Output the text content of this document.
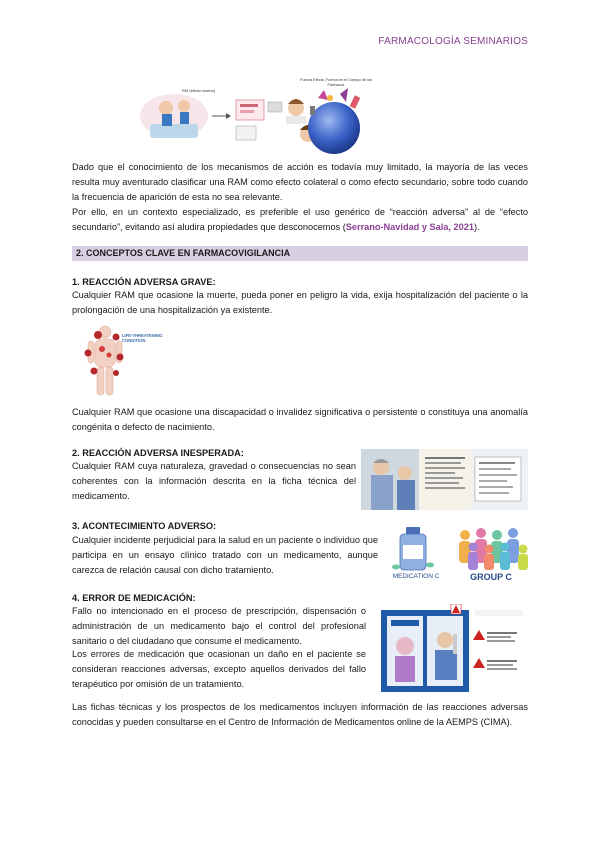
FARMACOLOGÍA SEMINARIOS
RM (efecto bueno)
Fuerza Efecto, Fuerza en el Cuerpo de los Fármacos
Dado que el conocimiento de los mecanismos de acción es todavía muy limitado, la mayoría de las veces resulta muy aventurado clasificar una RAM como efecto colateral o como efecto secundario, sobre todo cuando la frecuencia de aparición de esta no sea relevante.
Por ello, en un contexto especializado, es preferible el uso genérico de “reacción adversa” al de “efecto secundario”, evitando así aludira propiedades que desconocemos (Serrano-Navidad y Sala, 2021).
2. CONCEPTOS CLAVE EN FARMACOVIGILANCIA
1. REACCIÓN ADVERSA GRAVE:
Cualquier RAM que ocasione la muerte, pueda poner en peligro la vida, exija hospitalización del paciente o la prolongación de una hospitalización ya existente.
LIFE-THREATENING CONDITION
Cualquier RAM que ocasione una discapacidad o invalidez significativa o persistente o constituya una anomalía congénita o defecto de nacimiento.
2. REACCIÓN ADVERSA INESPERADA:
Cualquier RAM cuya naturaleza, gravedad o consecuencias no sean coherentes con la información descrita en la ficha técnica del medicamento.
3. ACONTECIMIENTO ADVERSO:
Cualquier incidente perjudicial para la salud en un paciente o individuo que participa en un ensayo clínico tratado con un medicamento, aunque carezca de relación causal con dicho tratamiento.
MEDICATION C	GROUP C
4. ERROR DE MEDICACIÓN:
Fallo no intencionado en el proceso de prescripción, dispensación o administración de un medicamento bajo el control del profesional sanitario o del ciudadano que consume el medicamento.
Los errores de medicación que ocasionan un daño en el paciente se consideran reacciones adversas, excepto aquellos derivados del fallo terapéutico por omisión de un tratamiento.
Las fichas técnicas y los prospectos de los medicamentos incluyen información de las reacciones adversas conocidas y pueden consultarse en el Centro de Información de Medicamentos online de la AEMPS (CIMA).
